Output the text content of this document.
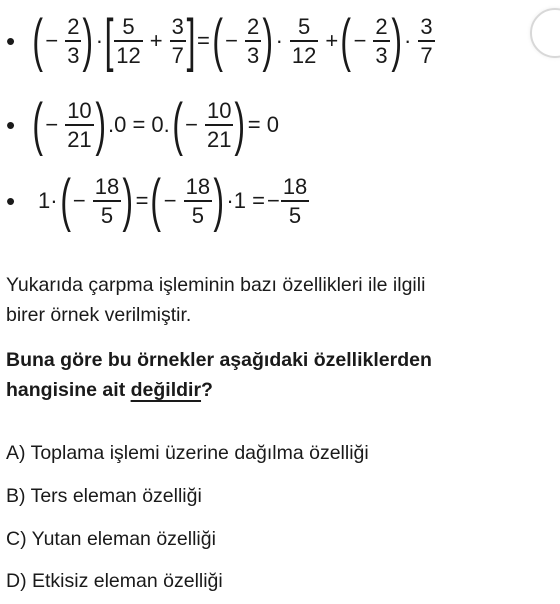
• ( − $\frac{2}{3}$ ) · [ $\frac{5}{12} + \frac{3}{7}$ ] = ( − $\frac{2}{3}$ ) · $\frac{5}{12}$ + ( − $\frac{2}{3}$ ) · $\frac{3}{7}$
• ( − $\frac{10}{21}$ ) .0 = 0. ( − $\frac{10}{21}$ ) = 0
•	1· ( − $\frac{18}{5}$ ) = ( − $\frac{18}{5}$ ) ·1 = − $\frac{18}{5}$
Yukarıda çarpma işleminin bazı özellikleri ile ilgili
birer örnek verilmiştir.
Buna göre bu örnekler aşağıdaki özelliklerden
hangisine ait değildir?
A) Toplama işlemi üzerine dağılma özelliği
B) Ters eleman özelliği
C) Yutan eleman özelliği
D) Etkisiz eleman özelliği
